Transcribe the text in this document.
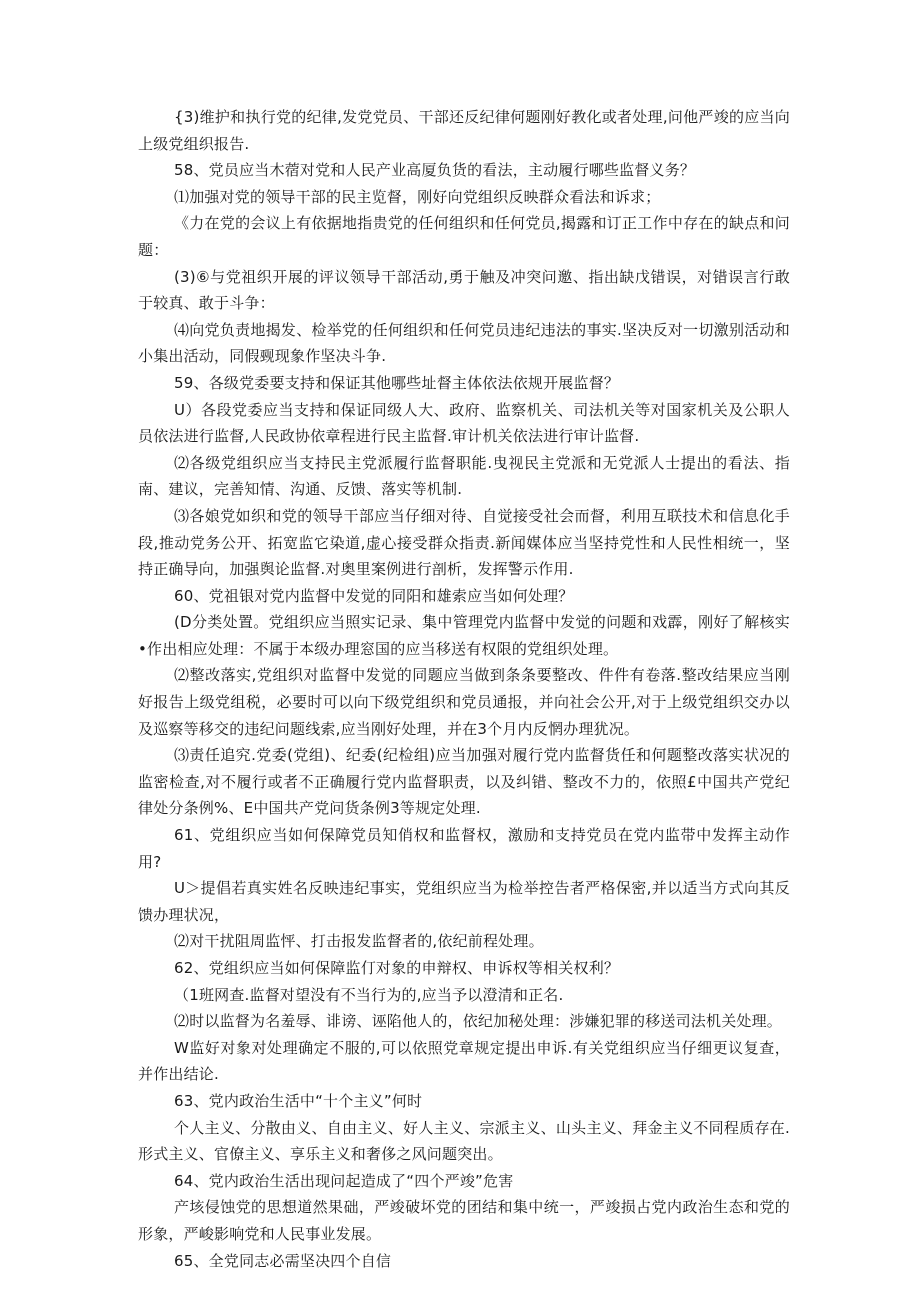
{3)维护和执行党的纪律,发党党员、干部还反纪律何题刚好教化或者处理,问他严竣的应当向上级党组织报告.

58、党员应当木蓿对党和人民产业高厦负货的看法，主动履行哪些监督义务？

⑴加强对党的领导干部的民主览督，刚好向党组织反映群众看法和诉求；

《力在党的会议上有依据地指贵党的任何组织和任何党员,揭露和订正工作中存在的缺点和问题：

(3)⑥与党祖织开展的评议领导干部活动,勇于触及冲突问邀、指出缺戊错误，对错误言行敢于较真、敢于斗争：

⑷向党负责地揭发、检举党的任何组织和任何党员违纪违法的事实.坚决反对一切激别活动和小集出活动，同假觋现象作坚决斗争.

59、各级党委要支持和保证其他哪些址督主体依法依规开展监督？

U）各段党委应当支持和保证同级人大、政府、监察机关、司法机关等对国家机关及公职人员依法进行监督,人民政协依章程进行民主监督.审计机关依法进行审计监督.

⑵各级党组织应当支持民主党派履行监督职能.曳视民主党派和无党派人士提出的看法、指南、建议，完善知情、沟通、反馈、落实等机制.

⑶各娘党如织和党的领导干部应当仔细对待、自觉接受社会而督，利用互联技术和信息化手段,推动党务公开、拓宽监它染道,虚心接受群众指责.新闻媒体应当坚持党性和人民性相统一，坚持正确导向，加强舆论监督.对奥里案例进行剖析，发挥警示作用.

60、党祖银对党内监督中发觉的同阳和雄索应当如何处理？

(D分类处置。党组织应当照实记录、集中管理党内监督中发觉的问题和戏霹，刚好了解核实•作出相应处理：不属于本级办理窓国的应当移送有权限的党组织处理。

⑵整改落实,党组织对监督中发觉的同题应当做到条条要整改、件件有卷落.整改结果应当刚好报告上级党组税，必要时可以向下级党组织和党员通报，并向社会公开,对于上级党组织交办以及巡察等移交的违纪问题线索,应当刚好处理，并在3个月内反惘办理犹况。

⑶责任追究.党委(党组)、纪委(纪检组)应当加强对履行党内监督货任和何题整改落实状况的监密检查,对不履行或者不正确履行党内监督职责，以及纠错、整改不力的，依照£中国共产党纪律处分条例%、E中国共产党问货条例3等规定处理.

61、党组织应当如何保障党员知俏权和监督权，激励和支持党员在党内监带中发挥主动作用?

U＞提倡若真实姓名反映违纪事实，党组织应当为检举控告者严格保密,并以适当方式向其反馈办理状况，

⑵对干扰阻周监怦、打击报发监督者的,依纪前程处理。

62、党组织应当如何保障监仃对象的申辩权、申诉权等相关权利？

（1班网查.监督对望没有不当行为的,应当予以澄清和正名.

⑵时以监督为名羞辱、诽谤、诬陷他人的，依纪加秘处理：涉嫌犯罪的移送司法机关处理。

W监好对象对处理确定不服的,可以依照党章规定提出申诉.有关党组织应当仔细更议复查，并作出结论.

63、党内政治生活中“十个主义”何时

个人主义、分散由义、自由主义、好人主义、宗派主义、山头主义、拜金主义不同程质存在.形式主义、官僚主义、享乐主义和奢侈之风问题突出。

64、党内政治生活出现问起造成了“四个严竣”危害

产垓侵蚀党的思想道然果础，严竣破坏党的团结和集中统一，严竣损占党内政治生态和党的形象，严峻影响党和人民事业发展。

65、全党同志必需坚决四个自信
